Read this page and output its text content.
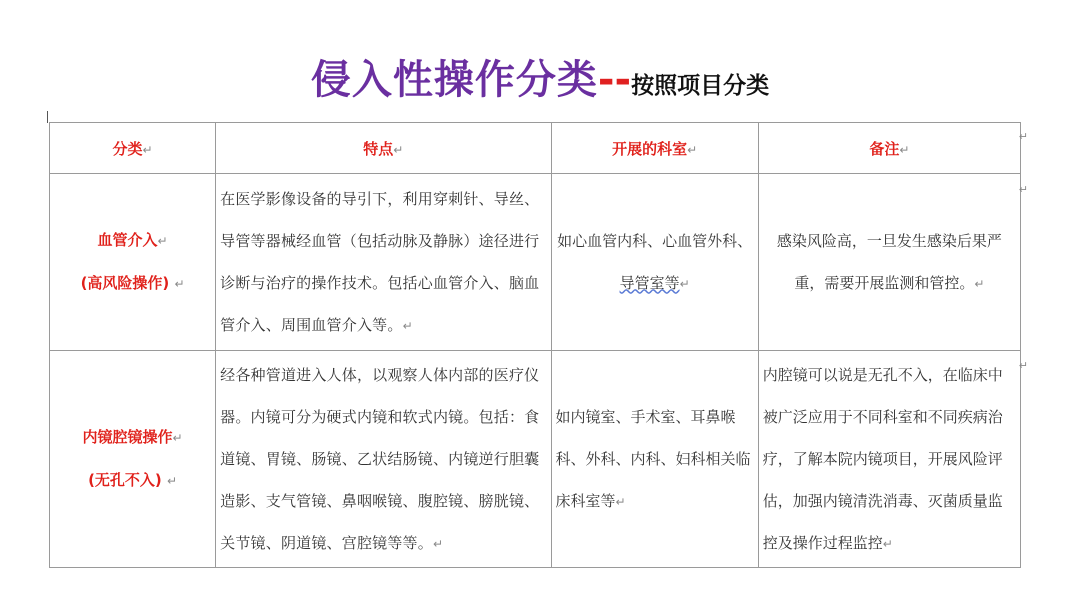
侵入性操作分类--按照项目分类
分类↵	特点↵	开展的科室↵	备注↵

血管介入↵
(高风险操作) ↵	在医学影像设备的导引下，利用穿刺针、导丝、导管等器械经血管（包括动脉及静脉）途径进行诊断与治疗的操作技术。包括心血管介入、脑血管介入、周围血管介入等。↵	如心血管内科、心血管外科、导管室等↵	感染风险高，一旦发生感染后果严重，需要开展监测和管控。↵

内镜腔镜操作↵
(无孔不入) ↵	经各种管道进入人体，以观察人体内部的医疗仪器。内镜可分为硬式内镜和软式内镜。包括：食道镜、胃镜、肠镜、乙状结肠镜、内镜逆行胆囊造影、支气管镜、鼻咽喉镜、腹腔镜、膀胱镜、关节镜、阴道镜、宫腔镜等等。↵	如内镜室、手术室、耳鼻喉科、外科、内科、妇科相关临床科室等↵	内腔镜可以说是无孔不入，在临床中被广泛应用于不同科室和不同疾病治疗，了解本院内镜项目，开展风险评估，加强内镜清洗消毒、灭菌质量监控及操作过程监控↵
↵
↵
↵
